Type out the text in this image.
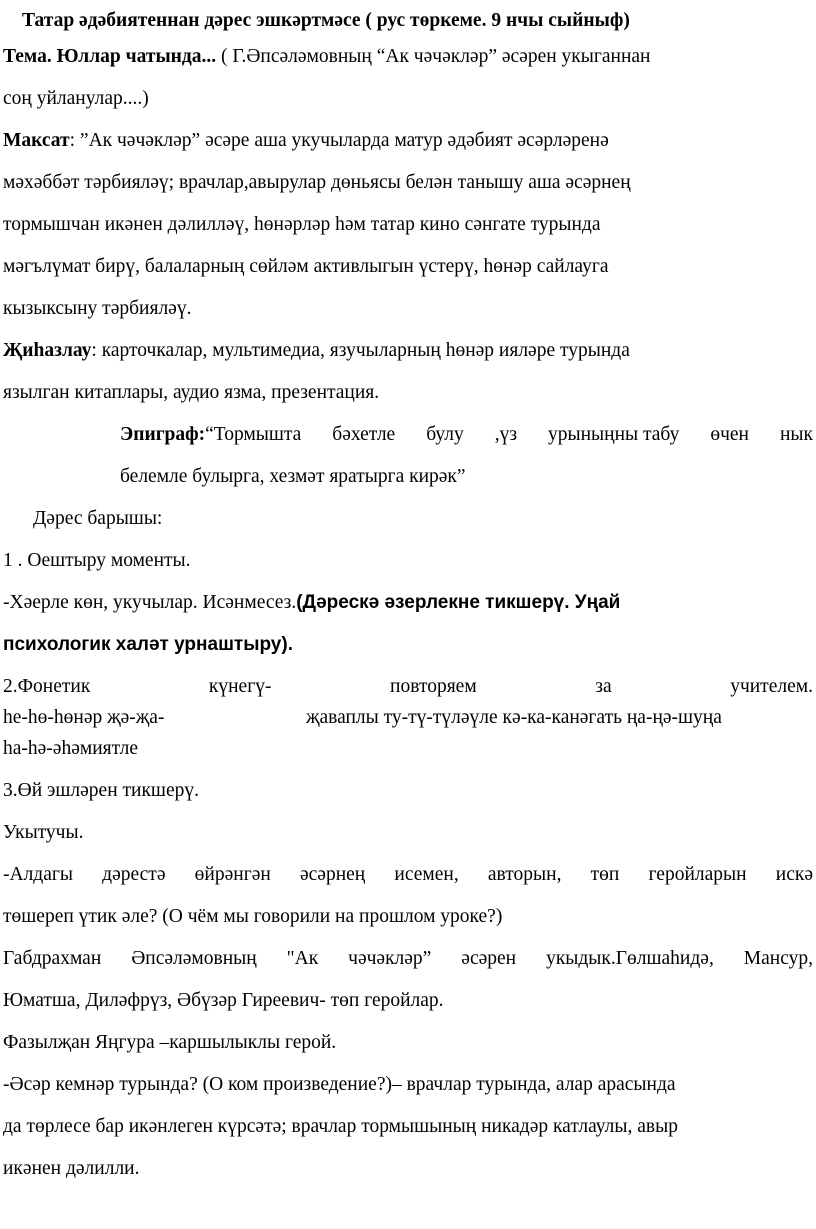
Татар әдәбиятеннан дәрес эшкәртмәсе ( рус төркеме. 9 нчы сыйныф)
Тема. Юллар чатында... ( Г.Әпсәләмовның “Ак чәчәкләр” әсәрен укыганнан
соң уйланулар....)
Максат: ”Ак чәчәкләр” әсәре аша укучыларда матур әдәбият әсәрләренә
мәхәббәт тәрбияләү; врачлар,авырулар дөньясы белән танышу аша әсәрнең
тормышчан икәнен дәлилләү, һөнәрләр һәм татар кино сәнгате турында
мәгълүмат бирү, балаларның сөйләм активлыгын үстерү, һөнәр сайлауга
кызыксыну тәрбияләү.
Җиһазлау: карточкалар, мультимедиа, язучыларның һөнәр ияләре турында
язылган китаплары, аудио язма, презентация.
Эпиграф:“Тормышта бәхетле булу ,үз урыныңны табу өчен нык
белемле булырга, хезмәт яратырга кирәк”
Дәрес барышы:
1 . Оештыру моменты.
-Хәерле көн, укучылар. Исәнмесез.(Дәрескә әзерлекне тикшерү. Уңай
психологик халәт урнаштыру).
2.Фонетик	күнегү-	повторяем	за	учителем.
һе-һө-һөнәр җә-җа-	җаваплы ту-тү-түләүле кә-ка-канәгать ңа-ңә-шуңа
һа-һә-әһәмиятле
3.Өй эшләрен тикшерү.
Укытучы.
-Алдагы дәрестә өйрәнгән әсәрнең исемен, авторын, төп геройларын искә
төшереп үтик әле? (О чём мы говорили на прошлом уроке?)
Габдрахман Әпсәләмовның "Ак чәчәкләр” әсәрен укыдык.Гөлшаһидә, Мансур,
Юматша, Диләфрүз, Әбүзәр Гиреевич- төп геройлар.
Фазылҗан Яңгура –каршылыклы герой.
-Әсәр кемнәр турында? (О ком произведение?)– врачлар турында, алар арасында
да төрлесе бар икәнлеген күрсәтә; врачлар тормышының никадәр катлаулы, авыр
икәнен дәлилли.
